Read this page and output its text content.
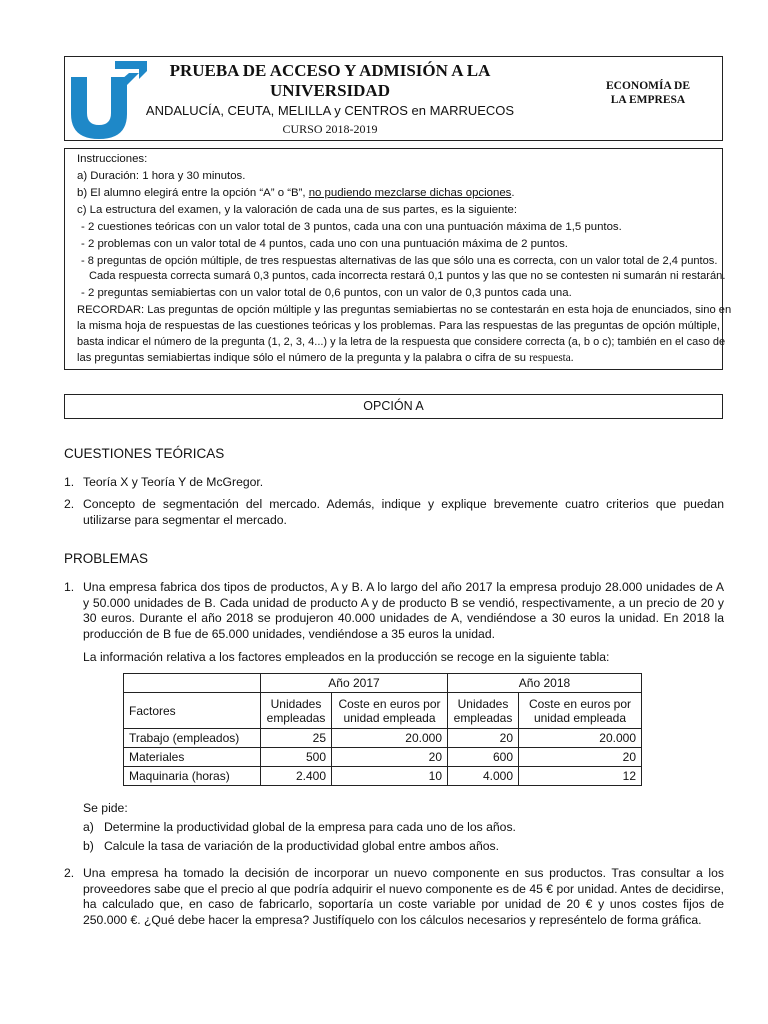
PRUEBA DE ACCESO Y ADMISIÓN A LA
UNIVERSIDAD
ANDALUCÍA, CEUTA, MELILLA y CENTROS en MARRUECOS
CURSO 2018-2019
ECONOMÍA DE
LA EMPRESA
Instrucciones:
a) Duración: 1 hora y 30 minutos.
b) El alumno elegirá entre la opción “A” o “B”, no pudiendo mezclarse dichas opciones.
c) La estructura del examen, y la valoración de cada una de sus partes, es la siguiente:
- 2 cuestiones teóricas con un valor total de 3 puntos, cada una con una puntuación máxima de 1,5 puntos.
- 2 problemas con un valor total de 4 puntos, cada uno con una puntuación máxima de 2 puntos.
- 8 preguntas de opción múltiple, de tres respuestas alternativas de las que sólo una es correcta, con un valor total de 2,4 puntos.
Cada respuesta correcta sumará 0,3 puntos, cada incorrecta restará 0,1 puntos y las que no se contesten ni sumarán ni restarán.
- 2 preguntas semiabiertas con un valor total de 0,6 puntos, con un valor de 0,3 puntos cada una.
RECORDAR: Las preguntas de opción múltiple y las preguntas semiabiertas no se contestarán en esta hoja de enunciados, sino en
la misma hoja de respuestas de las cuestiones teóricas y los problemas. Para las respuestas de las preguntas de opción múltiple,
basta indicar el número de la pregunta (1, 2, 3, 4...) y la letra de la respuesta que considere correcta (a, b o c); también en el caso de
las preguntas semiabiertas indique sólo el número de la pregunta y la palabra o cifra de su respuesta.
OPCIÓN A
CUESTIONES TEÓRICAS
1. Teoría X y Teoría Y de McGregor.
2. Concepto de segmentación del mercado. Además, indique y explique brevemente cuatro criterios que puedan utilizarse para segmentar el mercado.
PROBLEMAS
1. Una empresa fabrica dos tipos de productos, A y B. A lo largo del año 2017 la empresa produjo 28.000 unidades de A y 50.000 unidades de B. Cada unidad de producto A y de producto B se vendió, respectivamente, a un precio de 20 y 30 euros. Durante el año 2018 se produjeron 40.000 unidades de A, vendiéndose a 30 euros la unidad. En 2018 la producción de B fue de 65.000 unidades, vendiéndose a 35 euros la unidad.
La información relativa a los factores empleados en la producción se recoge en la siguiente tabla:
	Año 2017		Año 2018	
Factores	Unidades empleadas	Coste en euros por unidad empleada	Unidades empleadas	Coste en euros por unidad empleada
Trabajo (empleados)	25	20.000	20	20.000
Materiales	500	20	600	20
Maquinaria (horas)	2.400	10	4.000	12
Se pide:
a)   Determine la productividad global de la empresa para cada uno de los años.
b)   Calcule la tasa de variación de la productividad global entre ambos años.
2. Una empresa ha tomado la decisión de incorporar un nuevo componente en sus productos. Tras consultar a los proveedores sabe que el precio al que podría adquirir el nuevo componente es de 45 € por unidad. Antes de decidirse, ha calculado que, en caso de fabricarlo, soportaría un coste variable por unidad de 20 € y unos costes fijos de 250.000 €. ¿Qué debe hacer la empresa? Justifíquelo con los cálculos necesarios y represéntelo de forma gráfica.
